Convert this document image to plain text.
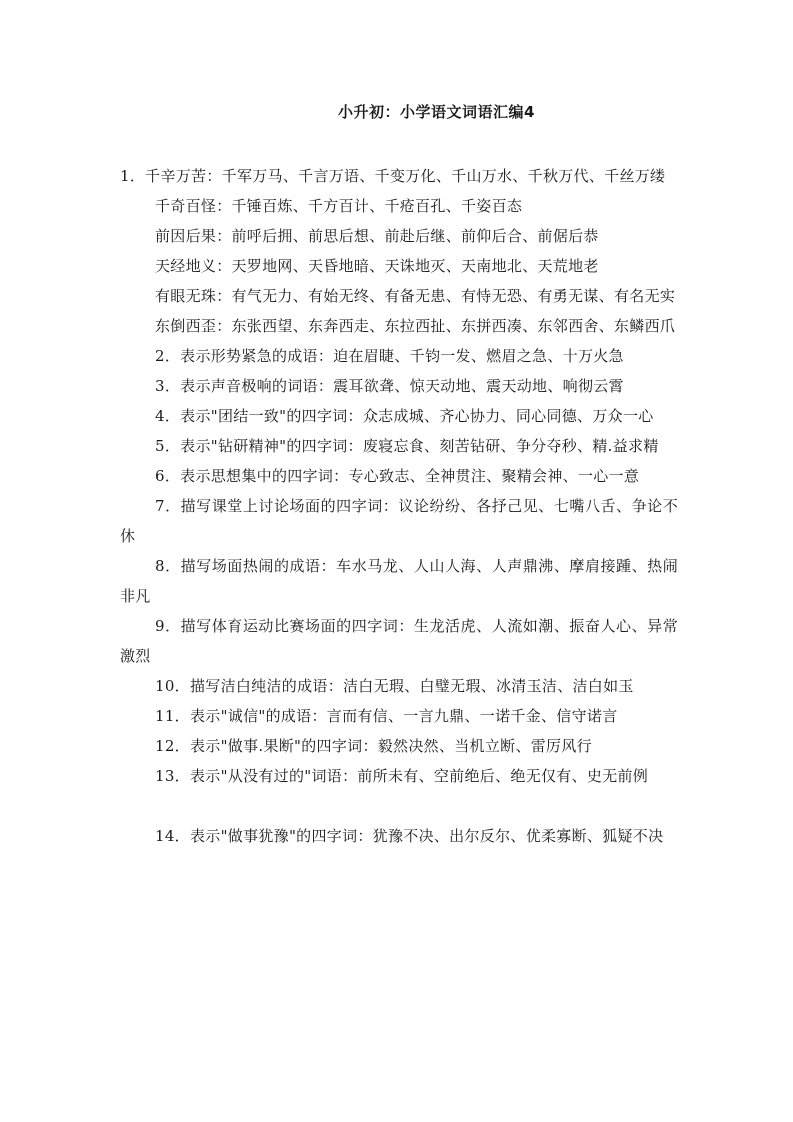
小升初：小学语文词语汇编4

1．千辛万苦：千军万马、千言万语、千变万化、千山万水、千秋万代、千丝万缕

千奇百怪：千锤百炼、千方百计、千疮百孔、千姿百态

前因后果：前呼后拥、前思后想、前赴后继、前仰后合、前倨后恭

天经地义：天罗地网、天昏地暗、天诛地灭、天南地北、天荒地老

有眼无珠：有气无力、有始无终、有备无患、有恃无恐、有勇无谋、有名无实

东倒西歪：东张西望、东奔西走、东拉西扯、东拼西凑、东邻西舍、东鳞西爪

2．表示形势紧急的成语：迫在眉睫、千钧一发、燃眉之急、十万火急

3．表示声音极响的词语：震耳欲聋、惊天动地、震天动地、响彻云霄

4．表示"团结一致"的四字词：众志成城、齐心协力、同心同德、万众一心

5．表示"钻研精神"的四字词：废寝忘食、刻苦钻研、争分夺秒、精.益求精

6．表示思想集中的四字词：专心致志、全神贯注、聚精会神、一心一意

7．描写课堂上讨论场面的四字词：议论纷纷、各抒己见、七嘴八舌、争论不休

8．描写场面热闹的成语：车水马龙、人山人海、人声鼎沸、摩肩接踵、热闹非凡

9．描写体育运动比赛场面的四字词：生龙活虎、人流如潮、振奋人心、异常激烈

10．描写洁白纯洁的成语：洁白无瑕、白璧无瑕、冰清玉洁、洁白如玉

11．表示"诚信"的成语：言而有信、一言九鼎、一诺千金、信守诺言

12．表示"做事.果断"的四字词：毅然决然、当机立断、雷厉风行

13．表示"从没有过的"词语：前所未有、空前绝后、绝无仅有、史无前例

14．表示"做事犹豫"的四字词：犹豫不决、出尔反尔、优柔寡断、狐疑不决
